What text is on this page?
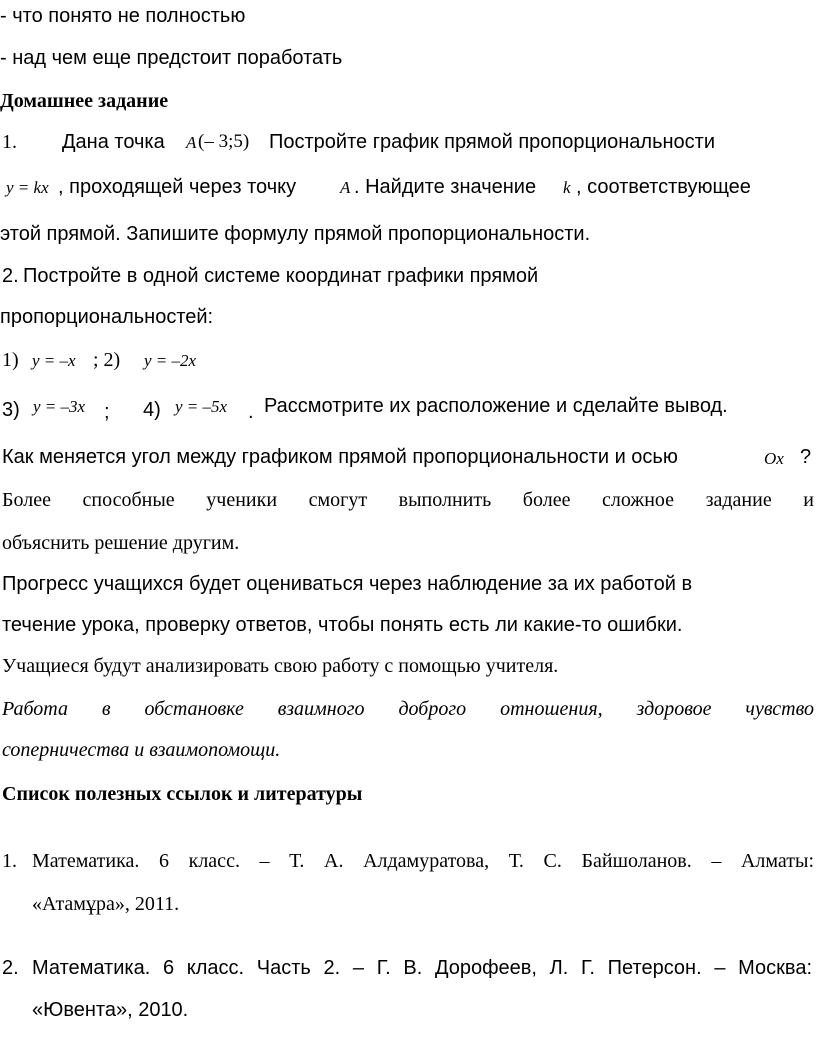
- что понято не полностью
- над чем еще предстоит поработать
Домашнее задание
1. Дана точка A (– 3;5) Постройте график прямой пропорциональности
y = kx , проходящей через точку	A . Найдите значение k , соответствующее
этой прямой. Запишите формулу прямой пропорциональности.
2. Постройте в одной системе координат графики прямой
пропорциональностей:
1) y = –x ; 2) y = –2x
3) y = –3x ; 4) y = –5x . Рассмотрите их расположение и сделайте вывод.
Как меняется угол между графиком прямой пропорциональности и осью	Ox ?
Более способные ученики смогут выполнить более сложное задание и
объяснить решение другим.
Прогресс учащихся будет оцениваться через наблюдение за их работой в
течение урока, проверку ответов, чтобы понять есть ли какие-то ошибки.
Учащиеся будут анализировать свою работу с помощью учителя.
Работа в обстановке взаимного доброго отношения, здоровое чувство
соперничества и взаимопомощи.
Список полезных ссылок и литературы
1. Математика. 6 класс. – Т. А. Алдамуратова, Т. С. Байшоланов. – Алматы:
«Атамұра», 2011.
2. Математика. 6 класс. Часть 2. – Г. В. Дорофеев, Л. Г. Петерсон. – Москва:
«Ювента», 2010.
